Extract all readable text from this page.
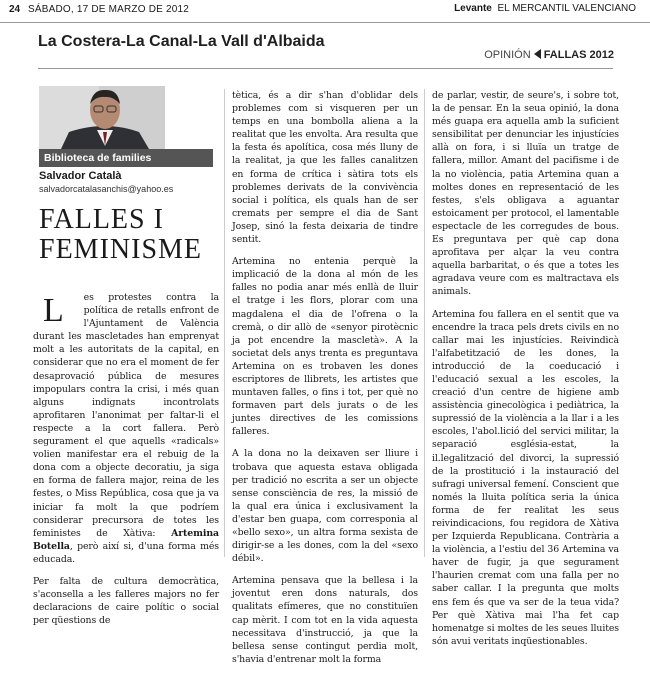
24 SÁBADO, 17 DE MARZO DE 2012	Levante EL MERCANTIL VALENCIANO
La Costera-La Canal-La Vall d'Albaida
OPINIÓN FALLAS 2012
Biblioteca de families
Salvador Català
salvadorcatalasanchis@yahoo.es
FALLES I
FEMINISME

L es protestes contra la política de retalls enfront de l'Ajuntament de València durant les mascletades han emprenyat molt a les autoritats de la capital, en considerar que no era el moment de fer desaprovació pública de mesures impopulars contra la crisi, i més quan alguns indignats incontrolats aprofitaren l'anonimat per faltar-li el respecte a la cort fallera. Però segurament el que aquells «radicals» volien manifestar era el rebuig de la dona com a objecte decoratiu, ja siga en forma de fallera major, reina de les festes, o Miss República, cosa que ja va iniciar fa molt la que podríem considerar precursora de totes les feministes de Xàtiva: Artemina Botella, però així si, d'una forma més educada.

Per falta de cultura democràtica, s'aconsella a les falleres majors no fer declaracions de caire polític o social per qüestions de

tètica, és a dir s'han d'oblidar dels problemes com si visqueren per un temps en una bombolla aliena a la realitat que les envolta. Ara resulta que la festa és apolítica, cosa més lluny de la realitat, ja que les falles canalitzen en forma de crítica i sàtira tots els problemes derivats de la convivència social i política, els quals han de ser cremats per sempre el dia de Sant Josep, sinó la festa deixaria de tindre sentit.

Artemina no entenia perquè la implicació de la dona al món de les falles no podia anar més enllà de lluir el tratge i les flors, plorar com una magdalena el dia de l'ofrena o la cremà, o dir allò de «senyor pirotècnic ja pot encendre la mascletà». A la societat dels anys trenta es preguntava Artemina on es trobaven les dones escriptores de llibrets, les artistes que muntaven falles, o fins i tot, per què no formaven part dels jurats o de les juntes directives de les comissions falleres.

A la dona no la deixaven ser lliure i trobava que aquesta estava obligada per tradició no escrita a ser un objecte sense consciència de res, la missió de la qual era única i exclusivament la d'estar ben guapa, com corresponia al «bello sexo», un altra forma sexista de dirigir-se a les dones, com la del «sexo débil».

Artemina pensava que la bellesa i la joventut eren dons naturals, dos qualitats efímeres, que no constituïen cap mèrit. I com tot en la vida aquesta necessitava d'instrucció, ja que la bellesa sense contingut perdia molt, s'havia d'entrenar molt la forma

de parlar, vestir, de seure's, i sobre tot, la de pensar. En la seua opinió, la dona més guapa era aquella amb la suficient sensibilitat per denunciar les injustícies allà on fora, i si lluïa un tratge de fallera, millor. Amant del pacifisme i de la no violència, patia Artemina quan a moltes dones en representació de les festes, s'els obligava a aguantar estoicament per protocol, el lamentable espectacle de les corregudes de bous. Es preguntava per què cap dona aprofitava per alçar la veu contra aquella barbaritat, o és que a totes les agradava veure com es maltractava els animals.

Artemina fou fallera en el sentit que va encendre la traca pels drets civils en no callar mai les injustícies. Reivindicà l'alfabetització de les dones, la introducció de la coeducació i l'educació sexual a les escoles, la creació d'un centre de higiene amb assistència ginecològica i pediàtrica, la supressió de la violència a la llar i a les escoles, l'abol.lició del servici militar, la separació església-estat, la il.legalització del divorci, la supressió de la prostitució i la instauració del sufragi universal femení. Conscient que només la lluita política seria la única forma de fer realitat les seus reivindicacions, fou regidora de Xàtiva per Izquierda Republicana. Contrària a la violència, a l'estiu del 36 Artemina va haver de fugir, ja que segurament l'haurien cremat com una falla per no saber callar. I la pregunta que molts ens fem és que va ser de la teua vida? Per què Xàtiva mai l'ha fet cap homenatge si moltes de les seues lluites són avui veritats inqüestionables.
